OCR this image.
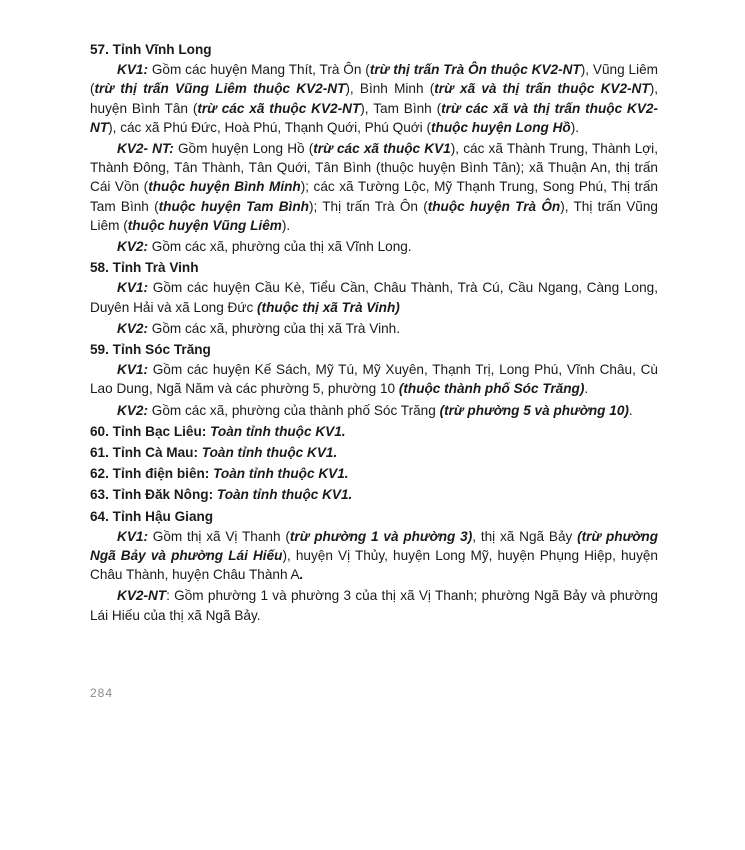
57. Tỉnh Vĩnh Long
KV1: Gồm các huyện Mang Thít, Trà Ôn (trừ thị trấn Trà Ôn thuộc KV2-NT), Vũng Liêm (trừ thị trấn Vũng Liêm thuộc KV2-NT), Bình Minh (trừ xã và thị trấn thuộc KV2-NT), huyện Bình Tân (trừ các xã thuộc KV2-NT), Tam Bình (trừ các xã và thị trấn thuộc KV2-NT), các xã Phú Đức, Hoà Phú, Thạnh Quới, Phú Quới (thuộc huyện Long Hồ).
KV2- NT: Gồm huyện Long Hồ (trừ các xã thuộc KV1), các xã Thành Trung, Thành Lợi, Thành Đông, Tân Thành, Tân Quới, Tân Bình (thuộc huyện Bình Tân); xã Thuận An, thị trấn Cái Vồn (thuộc huyện Bình Minh); các xã Tường Lộc, Mỹ Thạnh Trung, Song Phú, Thị trấn Tam Bình (thuộc huyện Tam Bình); Thị trấn Trà Ôn (thuộc huyện Trà Ôn), Thị trấn Vũng Liêm (thuộc huyện Vũng Liêm).
KV2: Gồm các xã, phường của thị xã Vĩnh Long.
58. Tỉnh Trà Vinh
KV1: Gồm các huyện Cầu Kè, Tiểu Cần, Châu Thành, Trà Cú, Cầu Ngang, Càng Long, Duyên Hải và xã Long Đức (thuộc thị xã Trà Vinh)
KV2: Gồm các xã, phường của thị xã Trà Vinh.
59. Tỉnh Sóc Trăng
KV1: Gồm các huyện Kế Sách, Mỹ Tú, Mỹ Xuyên, Thạnh Trị, Long Phú, Vĩnh Châu, Cù Lao Dung, Ngã Năm và các phường 5, phường 10 (thuộc thành phố Sóc Trăng).
KV2: Gồm các xã, phường của thành phố Sóc Trăng (trừ phường 5 và phường 10).
60. Tỉnh Bạc Liêu: Toàn tỉnh thuộc KV1.
61. Tỉnh Cà Mau: Toàn tỉnh thuộc KV1.
62. Tỉnh điện biên: Toàn tỉnh thuộc KV1.
63. Tỉnh Đăk Nông: Toàn tỉnh thuộc KV1.
64. Tỉnh Hậu Giang
KV1: Gồm thị xã Vị Thanh (trừ phường 1 và phường 3), thị xã Ngã Bảy (trừ phường Ngã Bảy và phường Lái Hiếu), huyện Vị Thủy, huyện Long Mỹ, huyện Phụng Hiệp, huyện Châu Thành, huyện Châu Thành A.
KV2-NT: Gồm phường 1 và phường 3 của thị xã Vị Thanh; phường Ngã Bảy và phường Lái Hiếu của thị xã Ngã Bảy.
284
